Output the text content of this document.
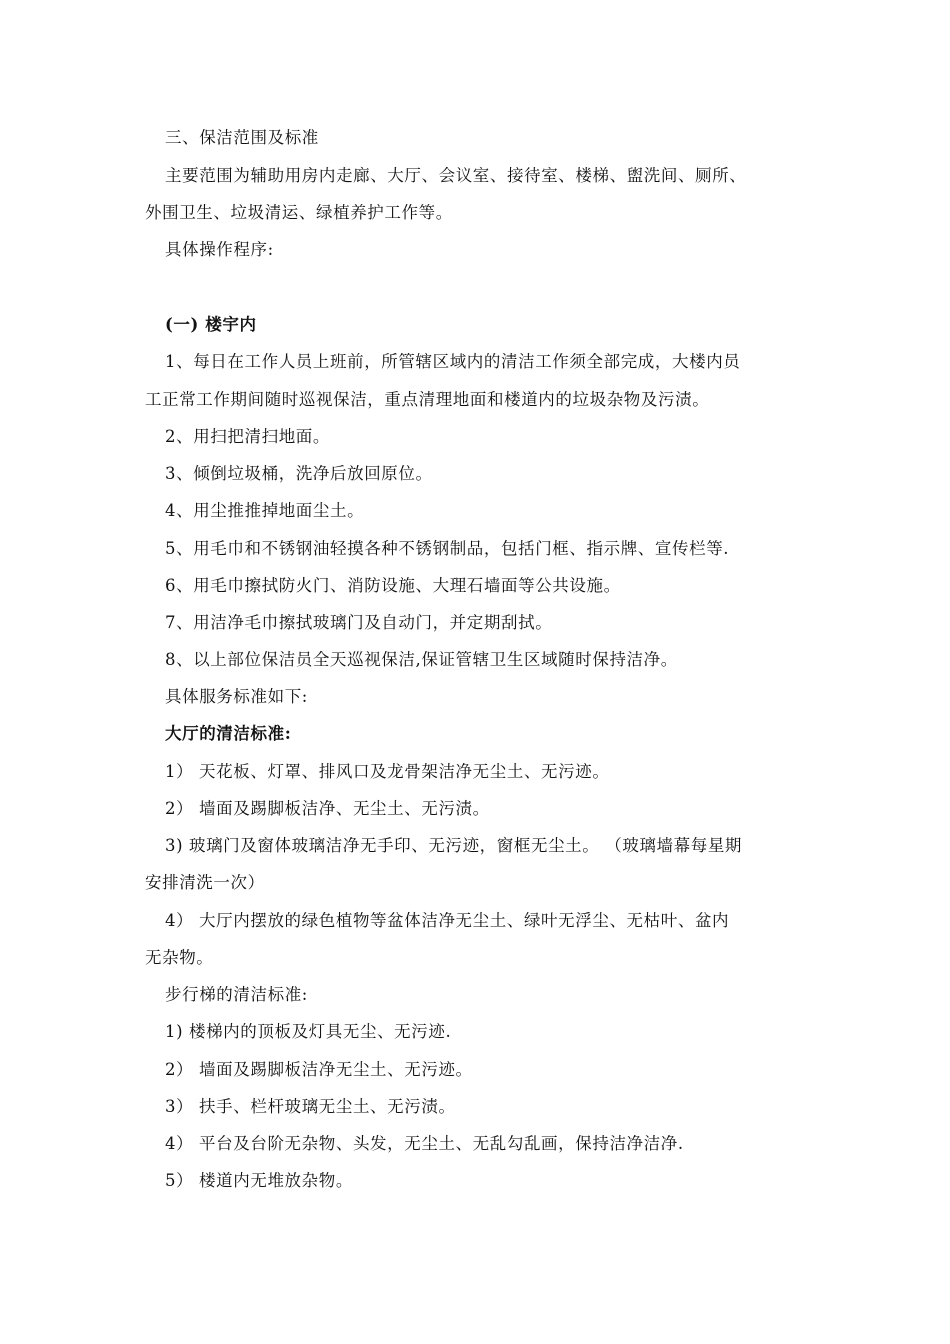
三、保洁范围及标准
主要范围为辅助用房内走廊、大厅、会议室、接待室、楼梯、盥洗间、厕所、
外围卫生、垃圾清运、绿植养护工作等。
具体操作程序:
(一) 楼宇内
1、每日在工作人员上班前，所管辖区域内的清洁工作须全部完成，大楼内员
工正常工作期间随时巡视保洁，重点清理地面和楼道内的垃圾杂物及污渍。
2、用扫把清扫地面。
3、倾倒垃圾桶，洗净后放回原位。
4、用尘推推掉地面尘土。
5、用毛巾和不锈钢油轻摸各种不锈钢制品，包括门框、指示牌、宣传栏等.
6、用毛巾擦拭防火门、消防设施、大理石墙面等公共设施。
7、用洁净毛巾擦拭玻璃门及自动门，并定期刮拭。
8、以上部位保洁员全天巡视保洁,保证管辖卫生区域随时保持洁净。
具体服务标准如下:
大厅的清洁标准:
1） 天花板、灯罩、排风口及龙骨架洁净无尘土、无污迹。
2） 墙面及踢脚板洁净、无尘土、无污渍。
3) 玻璃门及窗体玻璃洁净无手印、无污迹，窗框无尘土。 （玻璃墙幕每星期
安排清洗一次）
4） 大厅内摆放的绿色植物等盆体洁净无尘土、绿叶无浮尘、无枯叶、盆内
无杂物。
步行梯的清洁标准:
1) 楼梯内的顶板及灯具无尘、无污迹.
2） 墙面及踢脚板洁净无尘土、无污迹。
3） 扶手、栏杆玻璃无尘土、无污渍。
4） 平台及台阶无杂物、头发，无尘土、无乱勾乱画，保持洁净洁净.
5） 楼道内无堆放杂物。
